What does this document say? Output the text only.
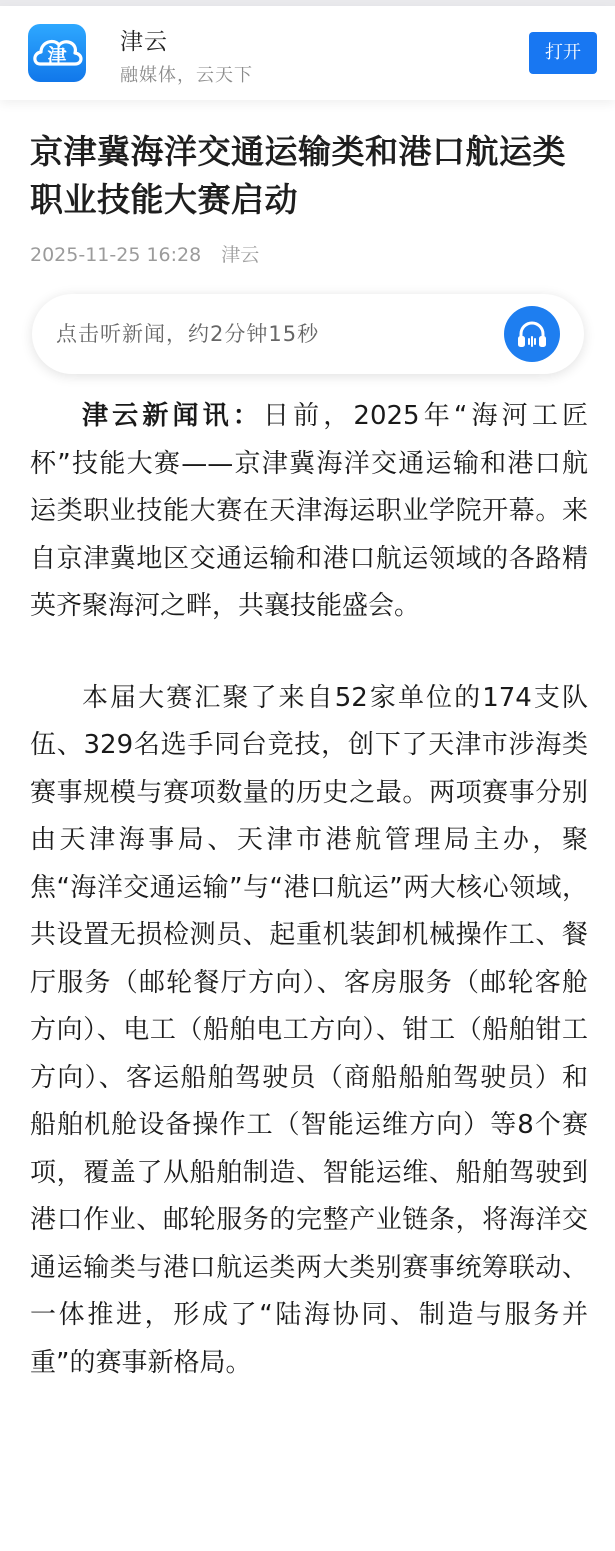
津
津云
融媒体，云天下
打开
京津冀海洋交通运输类和港口航运类职业技能大赛启动
2025-11-25 16:28 津云
点击听新闻，约2分钟15秒

津云新闻讯：日前，2025年“海河工匠杯”技能大赛——京津冀海洋交通运输和港口航运类职业技能大赛在天津海运职业学院开幕。来自京津冀地区交通运输和港口航运领域的各路精英齐聚海河之畔，共襄技能盛会。

本届大赛汇聚了来自52家单位的174支队伍、329名选手同台竞技，创下了天津市涉海类赛事规模与赛项数量的历史之最。两项赛事分别由天津海事局、天津市港航管理局主办，聚焦“海洋交通运输”与“港口航运”两大核心领域，共设置无损检测员、起重机装卸机械操作工、餐厅服务（邮轮餐厅方向）、客房服务（邮轮客舱方向）、电工（船舶电工方向）、钳工（船舶钳工方向）、客运船舶驾驶员（商船船舶驾驶员）和船舶机舱设备操作工（智能运维方向）等8个赛项，覆盖了从船舶制造、智能运维、船舶驾驶到港口作业、邮轮服务的完整产业链条，将海洋交通运输类与港口航运类两大类别赛事统筹联动、一体推进，形成了“陆海协同、制造与服务并重”的赛事新格局。
